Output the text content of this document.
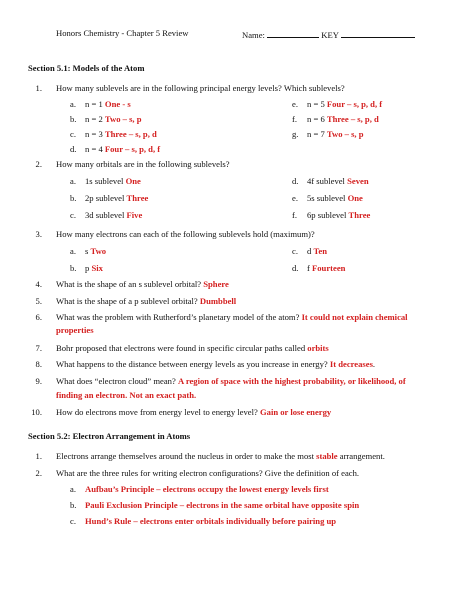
Honors Chemistry - Chapter 5 Review	Name:	KEY
Section 5.1: Models of the Atom
1. How many sublevels are in the following principal energy levels? Which sublevels?
a. n = 1 One - s	e. n = 5 Four – s, p, d, f
b. n = 2 Two – s, p	f. n = 6 Three – s, p, d
c. n = 3 Three – s, p, d	g. n = 7 Two – s, p
d. n = 4 Four – s, p, d, f
2. How many orbitals are in the following sublevels?
a. 1s sublevel One	d. 4f sublevel Seven
b. 2p sublevel Three	e. 5s sublevel One
c. 3d sublevel Five	f. 6p sublevel Three
3. How many electrons can each of the following sublevels hold (maximum)?
a. s Two	c. d Ten
b. p Six	d. f Fourteen
4. What is the shape of an s sublevel orbital? Sphere
5. What is the shape of a p sublevel orbital? Dumbbell
6. What was the problem with Rutherford’s planetary model of the atom? It could not explain chemical
properties
7. Bohr proposed that electrons were found in specific circular paths called orbits
8. What happens to the distance between energy levels as you increase in energy? It decreases.
9. What does “electron cloud” mean? A region of space with the highest probability, or likelihood, of
finding an electron. Not an exact path.
10. How do electrons move from energy level to energy level? Gain or lose energy
Section 5.2: Electron Arrangement in Atoms
1. Electrons arrange themselves around the nucleus in order to make the most stable arrangement.
2. What are the three rules for writing electron configurations? Give the definition of each.
a. Aufbau’s Principle – electrons occupy the lowest energy levels first
b. Pauli Exclusion Principle – electrons in the same orbital have opposite spin
c. Hund’s Rule – electrons enter orbitals individually before pairing up
